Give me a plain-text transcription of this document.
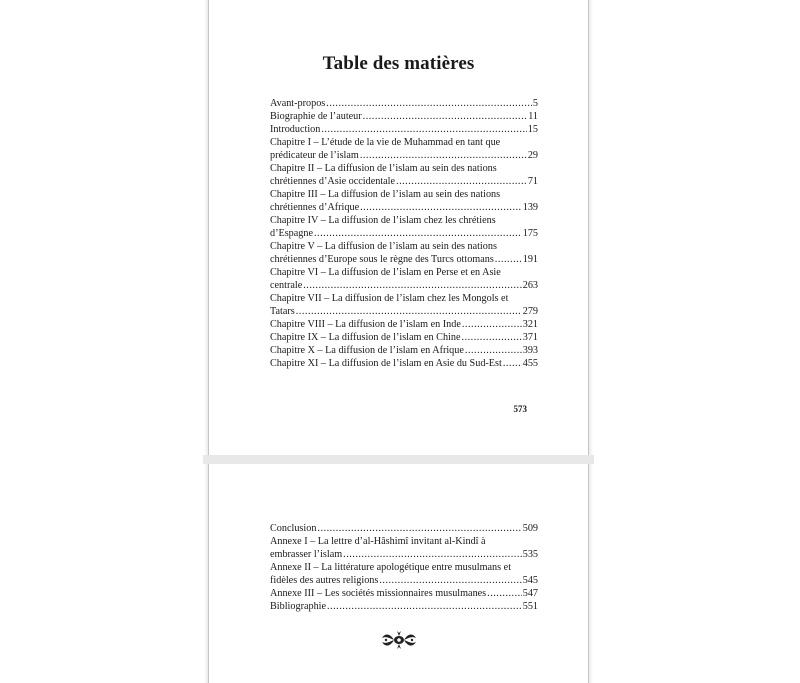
Table des matières
Avant-propos .....	5
Biographie de l’auteur .....	11
Introduction .....	15
Chapitre I – L’étude de la vie de Muhammad en tant que
prédicateur de l’islam .....	29
Chapitre II – La diffusion de l’islam au sein des nations
chrétiennes d’Asie occidentale .....	71
Chapitre III – La diffusion de l’islam au sein des nations
chrétiennes d’Afrique .....	139
Chapitre IV – La diffusion de l’islam chez les chrétiens
d’Espagne .....	175
Chapitre V – La diffusion de l’islam au sein des nations
chrétiennes d’Europe sous le règne des Turcs ottomans .....	191
Chapitre VI – La diffusion de l’islam en Perse et en Asie
centrale .....	263
Chapitre VII – La diffusion de l’islam chez les Mongols et
Tatars .....	279
Chapitre VIII – La diffusion de l’islam en Inde .....	321
Chapitre IX – La diffusion de l’islam en Chine .....	371
Chapitre X – La diffusion de l’islam en Afrique .....	393
Chapitre XI – La diffusion de l’islam en Asie du Sud-Est ..... 455
573
Conclusion .....	509
Annexe I – La lettre d’al-Hâshimî invitant al-Kindî à
embrasser l’islam .....	535
Annexe II – La littérature apologétique entre musulmans et
fidèles des autres religions .....	545
Annexe III – Les sociétés missionnaires musulmanes .....	547
Bibliographie .....	551
